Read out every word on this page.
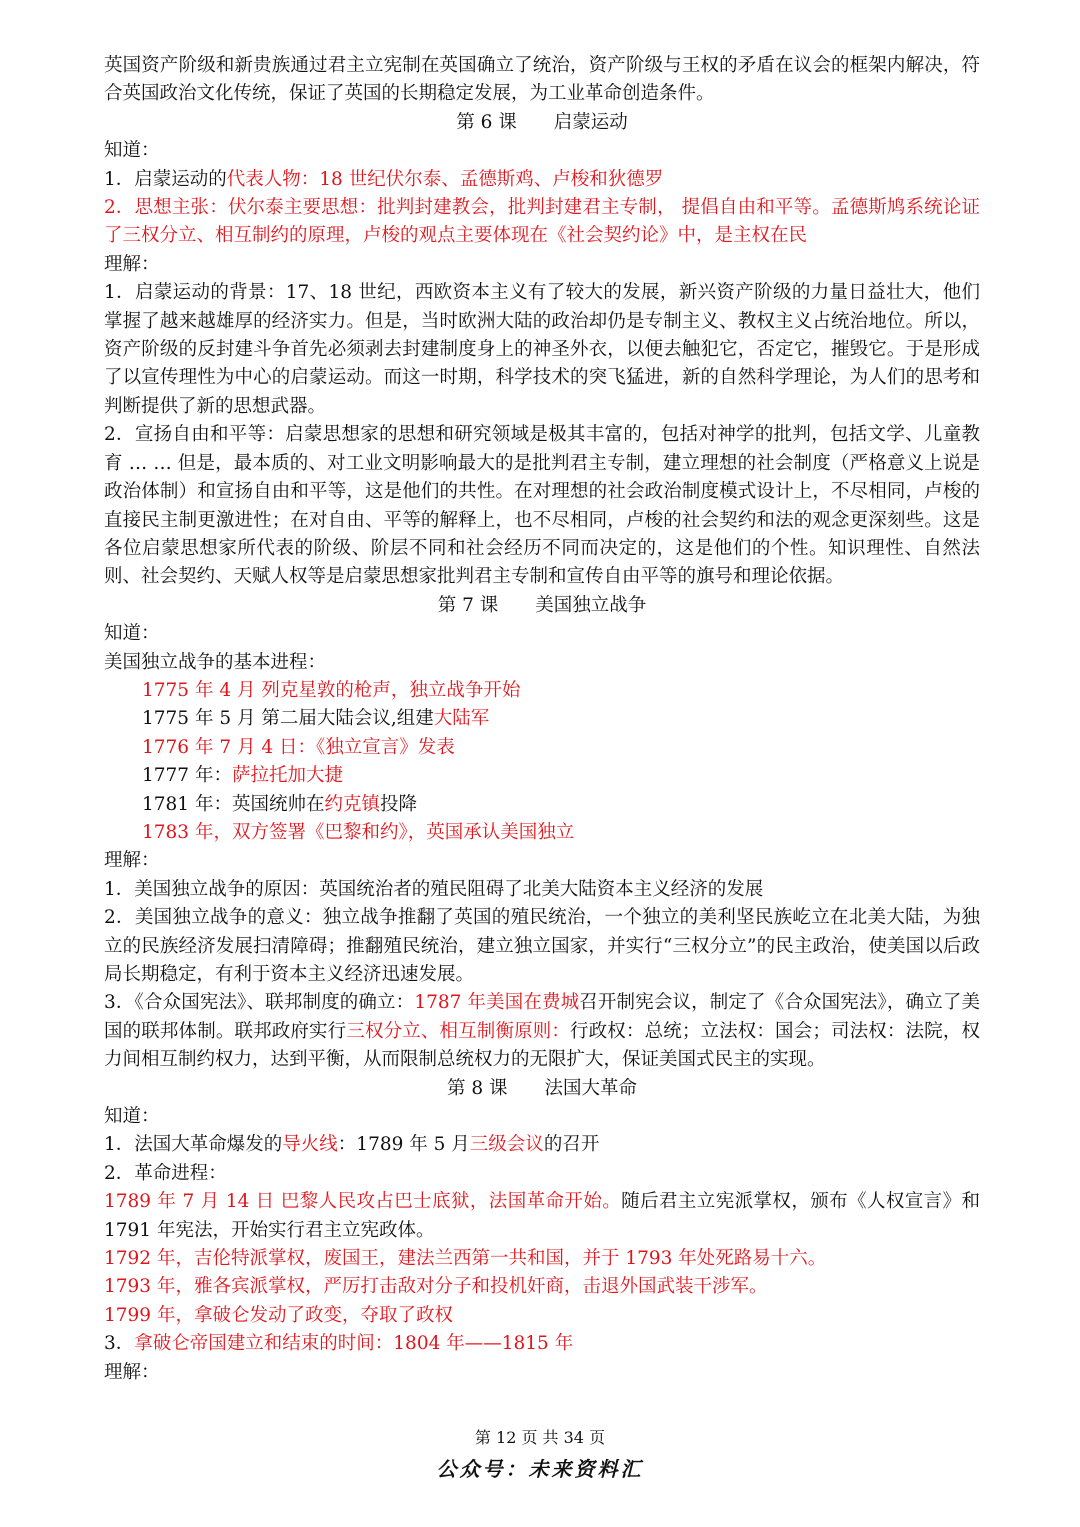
英国资产阶级和新贵族通过君主立宪制在英国确立了统治，资产阶级与王权的矛盾在议会的框架内解决，符合英国政治文化传统，保证了英国的长期稳定发展，为工业革命创造条件。

第 6 课　　启蒙运动

知道：

1．启蒙运动的代表人物：18 世纪伏尔泰、孟德斯鸡、卢梭和狄德罗

2．思想主张：伏尔泰主要思想：批判封建教会，批判封建君主专制， 提倡自由和平等。孟德斯鸠系统论证了三权分立、相互制约的原理，卢梭的观点主要体现在《社会契约论》中，是主权在民

理解：

1．启蒙运动的背景：17、18 世纪，西欧资本主义有了较大的发展，新兴资产阶级的力量日益壮大，他们掌握了越来越雄厚的经济实力。但是，当时欧洲大陆的政治却仍是专制主义、教权主义占统治地位。所以，资产阶级的反封建斗争首先必须剥去封建制度身上的神圣外衣，以便去触犯它，否定它，摧毁它。于是形成了以宣传理性为中心的启蒙运动。而这一时期，科学技术的突飞猛进，新的自然科学理论，为人们的思考和判断提供了新的思想武器。

2．宣扬自由和平等：启蒙思想家的思想和研究领域是极其丰富的，包括对神学的批判，包括文学、儿童教育 … … 但是，最本质的、对工业文明影响最大的是批判君主专制，建立理想的社会制度（严格意义上说是政治体制）和宣扬自由和平等，这是他们的共性。在对理想的社会政治制度模式设计上，不尽相同，卢梭的直接民主制更激进性；在对自由、平等的解释上，也不尽相同，卢梭的社会契约和法的观念更深刻些。这是各位启蒙思想家所代表的阶级、阶层不同和社会经历不同而决定的，这是他们的个性。知识理性、自然法则、社会契约、天赋人权等是启蒙思想家批判君主专制和宣传自由平等的旗号和理论依据。

第 7 课　　美国独立战争

知道：

美国独立战争的基本进程：

1775 年 4 月 列克星敦的枪声，独立战争开始

1775 年 5 月 第二届大陆会议,组建大陆军

1776 年 7 月 4 日：《独立宣言》发表

1777 年：萨拉托加大捷

1781 年：英国统帅在约克镇投降

1783 年，双方签署《巴黎和约》，英国承认美国独立

理解：

1．美国独立战争的原因：英国统治者的殖民阻碍了北美大陆资本主义经济的发展

2．美国独立战争的意义：独立战争推翻了英国的殖民统治，一个独立的美利坚民族屹立在北美大陆，为独立的民族经济发展扫清障碍；推翻殖民统治，建立独立国家，并实行“三权分立”的民主政治，使美国以后政局长期稳定，有利于资本主义经济迅速发展。

3．《合众国宪法》、联邦制度的确立：1787 年美国在费城召开制宪会议，制定了《合众国宪法》，确立了美国的联邦体制。联邦政府实行三权分立、相互制衡原则：行政权：总统；立法权：国会；司法权：法院，权力间相互制约权力，达到平衡，从而限制总统权力的无限扩大，保证美国式民主的实现。

第 8 课　　法国大革命

知道：

1．法国大革命爆发的导火线：1789 年 5 月三级会议的召开

2．革命进程：

1789 年 7 月 14 日 巴黎人民攻占巴士底狱，法国革命开始。随后君主立宪派掌权，颁布《人权宣言》和 1791 年宪法，开始实行君主立宪政体。

1792 年，吉伦特派掌权，废国王，建法兰西第一共和国，并于 1793 年处死路易十六。

1793 年，雅各宾派掌权，严厉打击敌对分子和投机奸商，击退外国武装干涉军。

1799 年，拿破仑发动了政变，夺取了政权

3．拿破仑帝国建立和结束的时间：1804 年——1815 年

理解：

第 12 页 共 34 页
公众号：未来资料汇
